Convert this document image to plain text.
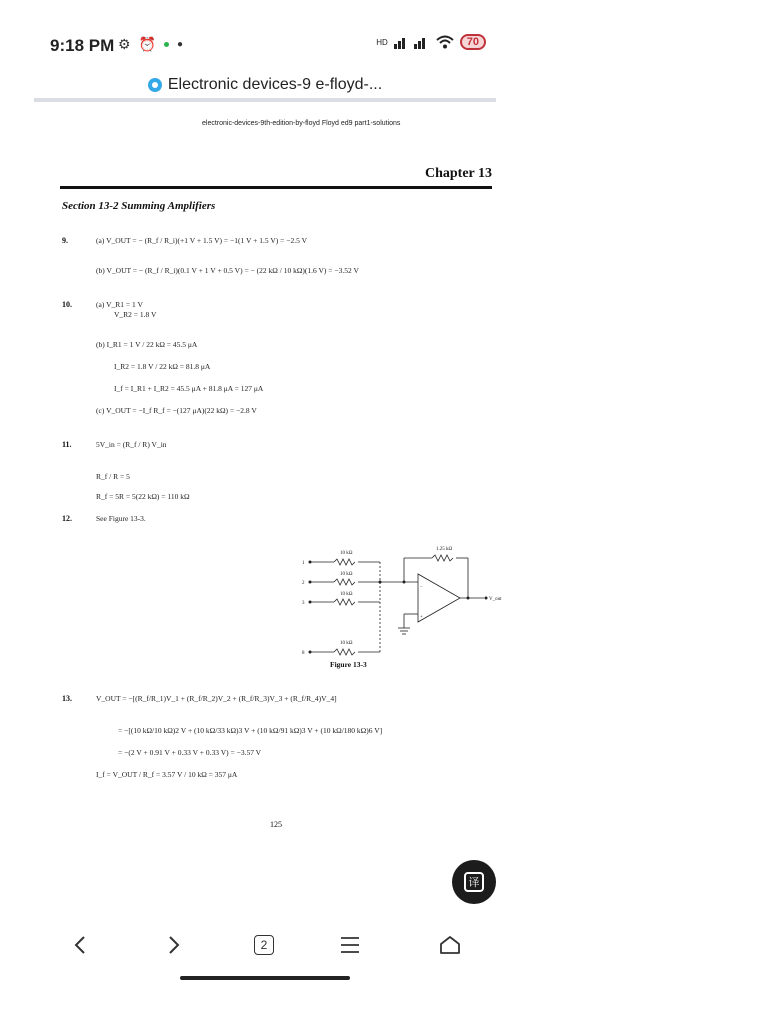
9:18 PM ⚙ ⏰ ●	HD	70
Electronic devices-9 e-floyd-...
electronic-devices-9th-edition-by-floyd Floyd ed9 part1-solutions
Chapter 13
Section 13-2 Summing Amplifiers
9.	(a) V_OUT = − (R_f / R_i)(+1 V + 1.5 V) = −1(1 V + 1.5 V) = −2.5 V
(b) V_OUT = − (R_f / R_i)(0.1 V + 1 V + 0.5 V) = − (22 kΩ / 10 kΩ)(1.6 V) = −3.52 V
10.	(a) V_R1 = 1 V
V_R2 = 1.8 V
(b) I_R1 = 1 V / 22 kΩ = 45.5 μA
I_R2 = 1.8 V / 22 kΩ = 81.8 μA
I_f = I_R1 + I_R2 = 45.5 μA + 81.8 μA = 127 μA
(c) V_OUT = −I_f R_f = −(127 μA)(22 kΩ) = −2.8 V
11.	5V_in = (R_f / R) V_in
R_f / R = 5
R_f = 5R = 5(22 kΩ) = 110 kΩ
12.	See Figure 13-3.
10 kΩ
10 kΩ
10 kΩ
10 kΩ
1.25 kΩ
1
2
3
8
V_out
−
+
Figure 13-3
13.	V_OUT = −[(R_f/R_1)V_1 + (R_f/R_2)V_2 + (R_f/R_3)V_3 + (R_f/R_4)V_4]
= −[(10 kΩ/10 kΩ)2 V + (10 kΩ/33 kΩ)3 V + (10 kΩ/91 kΩ)3 V + (10 kΩ/180 kΩ)6 V]
= −(2 V + 0.91 V + 0.33 V + 0.33 V) = −3.57 V
I_f = V_OUT / R_f = 3.57 V / 10 kΩ = 357 μA
125
译
2
